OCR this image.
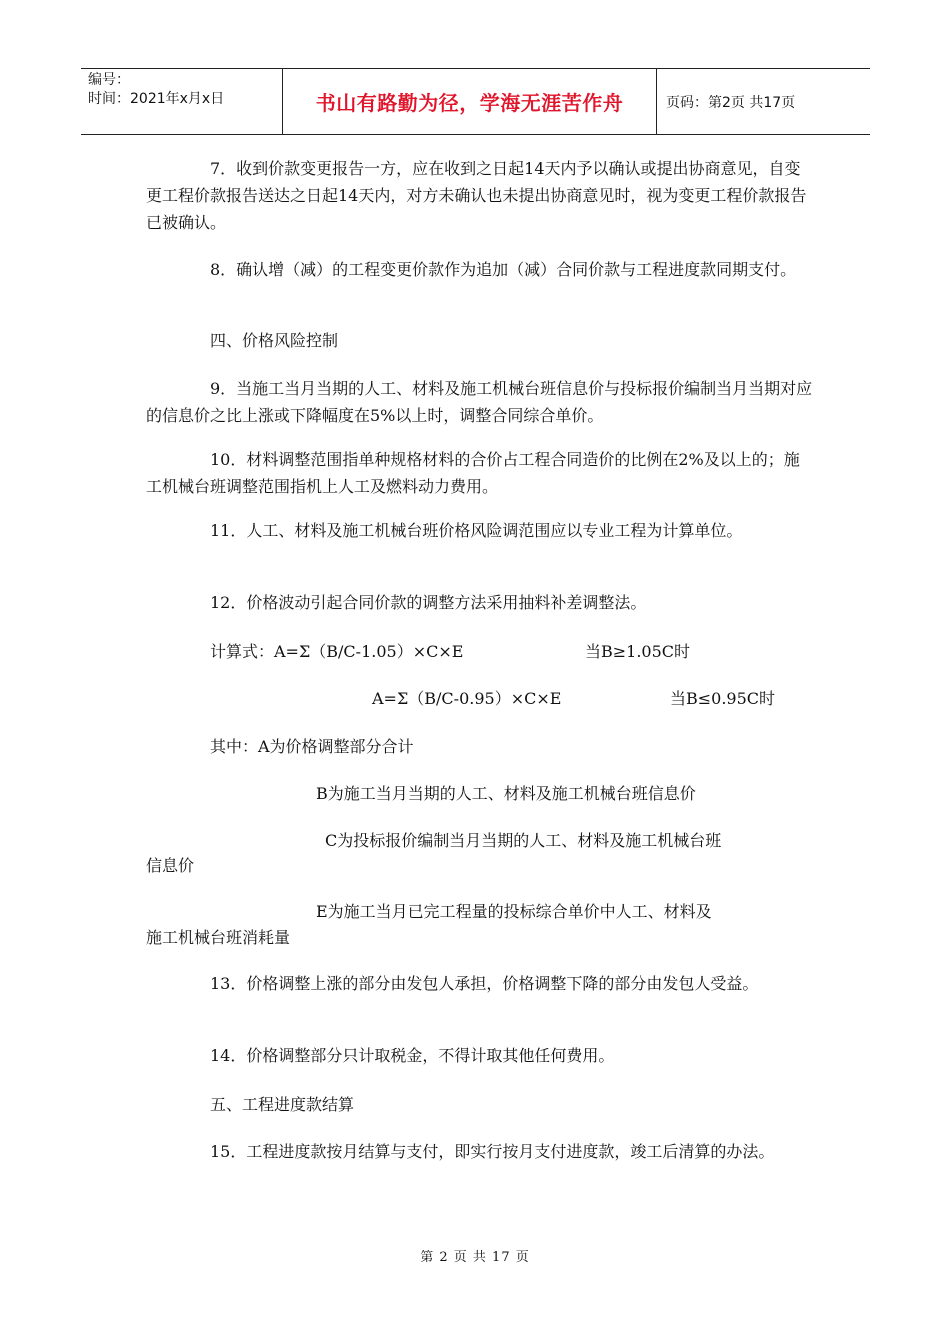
编号：
时间：2021年x月x日	书山有路勤为径，学海无涯苦作舟	页码：第2页 共17页

7．收到价款变更报告一方，应在收到之日起14天内予以确认或提出协商意见，自变更工程价款报告送达之日起14天内，对方未确认也未提出协商意见时，视为变更工程价款报告已被确认。

8．确认增（减）的工程变更价款作为追加（减）合同价款与工程进度款同期支付。

四、价格风险控制

9．当施工当月当期的人工、材料及施工机械台班信息价与投标报价编制当月当期对应的信息价之比上涨或下降幅度在5%以上时，调整合同综合单价。

10．材料调整范围指单种规格材料的合价占工程合同造价的比例在2%及以上的；施工机械台班调整范围指机上人工及燃料动力费用。

11．人工、材料及施工机械台班价格风险调范围应以专业工程为计算单位。

12．价格波动引起合同价款的调整方法采用抽料补差调整法。

计算式：A=Σ（B/C-1.05）×C×E	当B≥1.05C时

A=Σ（B/C-0.95）×C×E	当B≤0.95C时

其中：A为价格调整部分合计

B为施工当月当期的人工、材料及施工机械台班信息价

C为投标报价编制当月当期的人工、材料及施工机械台班

信息价

E为施工当月已完工程量的投标综合单价中人工、材料及

施工机械台班消耗量

13．价格调整上涨的部分由发包人承担，价格调整下降的部分由发包人受益。

14．价格调整部分只计取税金，不得计取其他任何费用。

五、工程进度款结算

15．工程进度款按月结算与支付，即实行按月支付进度款，竣工后清算的办法。

第 2 页 共 17 页
